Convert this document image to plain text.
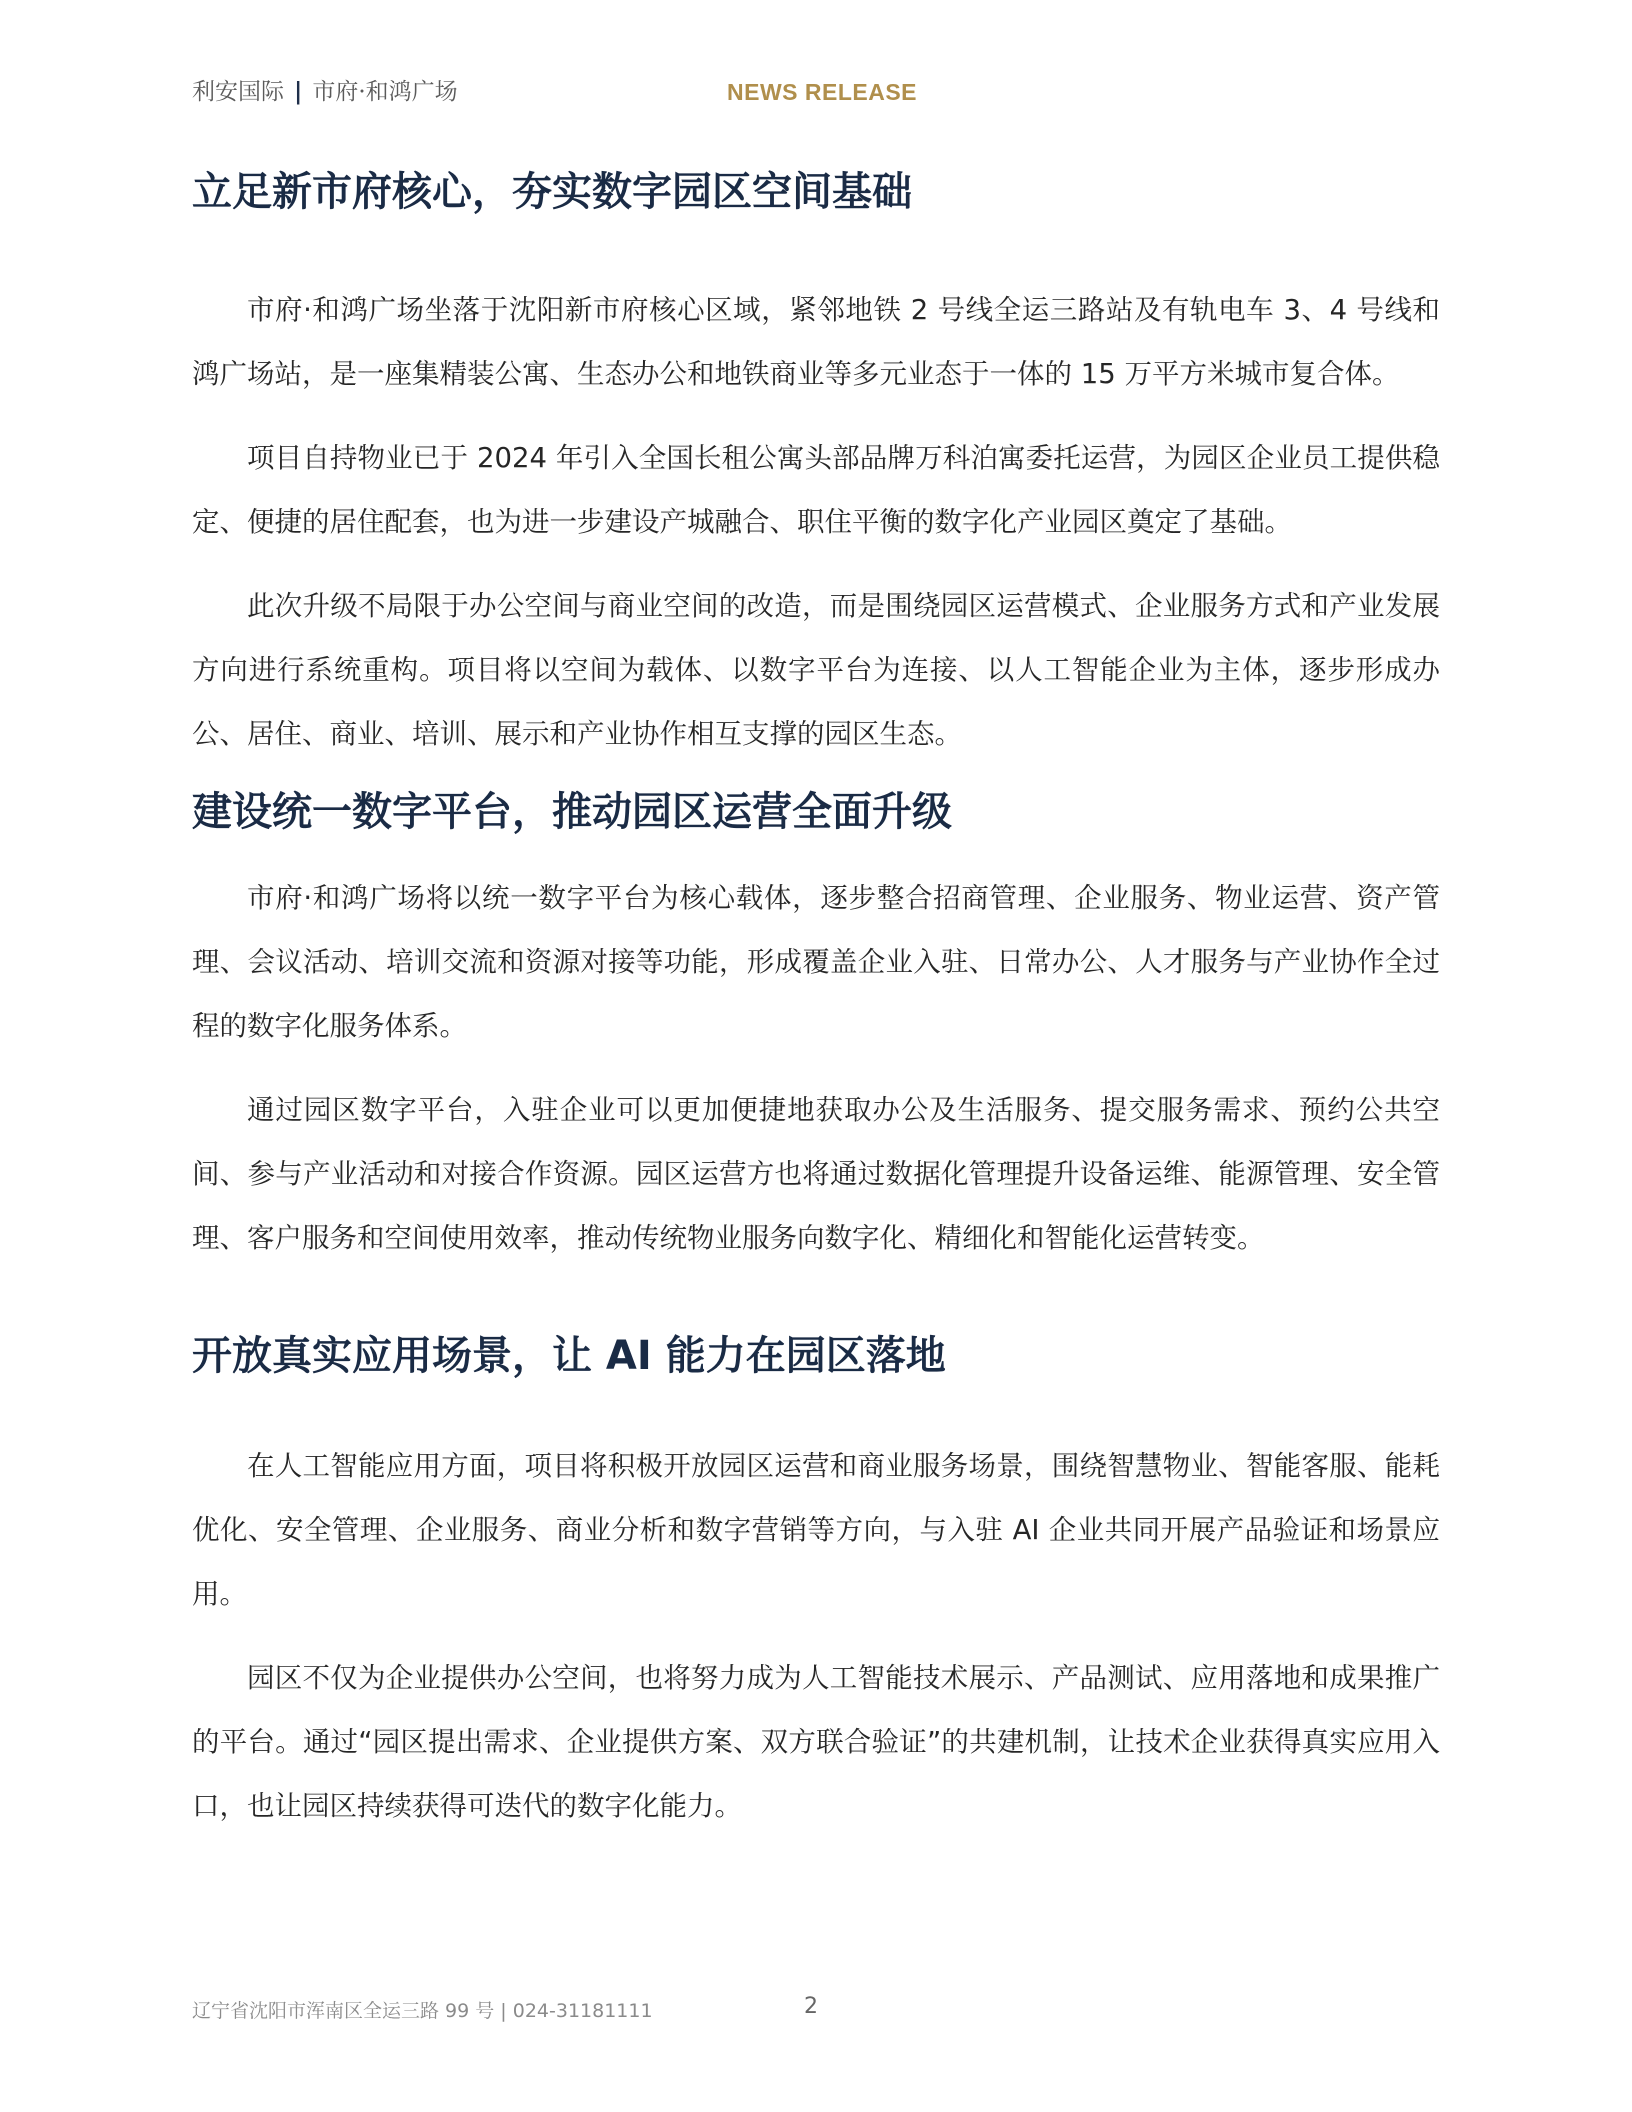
利安国际 | 市府·和鸿广场	NEWS RELEASE
立足新市府核心，夯实数字园区空间基础

市府·和鸿广场坐落于沈阳新市府核心区域，紧邻地铁 2 号线全运三路站及有轨电车 3、4 号线和鸿广场站，是一座集精装公寓、生态办公和地铁商业等多元业态于一体的 15 万平方米城市复合体。

项目自持物业已于 2024 年引入全国长租公寓头部品牌万科泊寓委托运营，为园区企业员工提供稳定、便捷的居住配套，也为进一步建设产城融合、职住平衡的数字化产业园区奠定了基础。

此次升级不局限于办公空间与商业空间的改造，而是围绕园区运营模式、企业服务方式和产业发展方向进行系统重构。项目将以空间为载体、以数字平台为连接、以人工智能企业为主体，逐步形成办公、居住、商业、培训、展示和产业协作相互支撑的园区生态。

建设统一数字平台，推动园区运营全面升级

市府·和鸿广场将以统一数字平台为核心载体，逐步整合招商管理、企业服务、物业运营、资产管理、会议活动、培训交流和资源对接等功能，形成覆盖企业入驻、日常办公、人才服务与产业协作全过程的数字化服务体系。

通过园区数字平台，入驻企业可以更加便捷地获取办公及生活服务、提交服务需求、预约公共空间、参与产业活动和对接合作资源。园区运营方也将通过数据化管理提升设备运维、能源管理、安全管理、客户服务和空间使用效率，推动传统物业服务向数字化、精细化和智能化运营转变。

开放真实应用场景，让 AI 能力在园区落地

在人工智能应用方面，项目将积极开放园区运营和商业服务场景，围绕智慧物业、智能客服、能耗优化、安全管理、企业服务、商业分析和数字营销等方向，与入驻 AI 企业共同开展产品验证和场景应用。

园区不仅为企业提供办公空间，也将努力成为人工智能技术展示、产品测试、应用落地和成果推广的平台。通过“园区提出需求、企业提供方案、双方联合验证”的共建机制，让技术企业获得真实应用入口，也让园区持续获得可迭代的数字化能力。

辽宁省沈阳市浑南区全运三路 99 号 | 024-31181111	2
